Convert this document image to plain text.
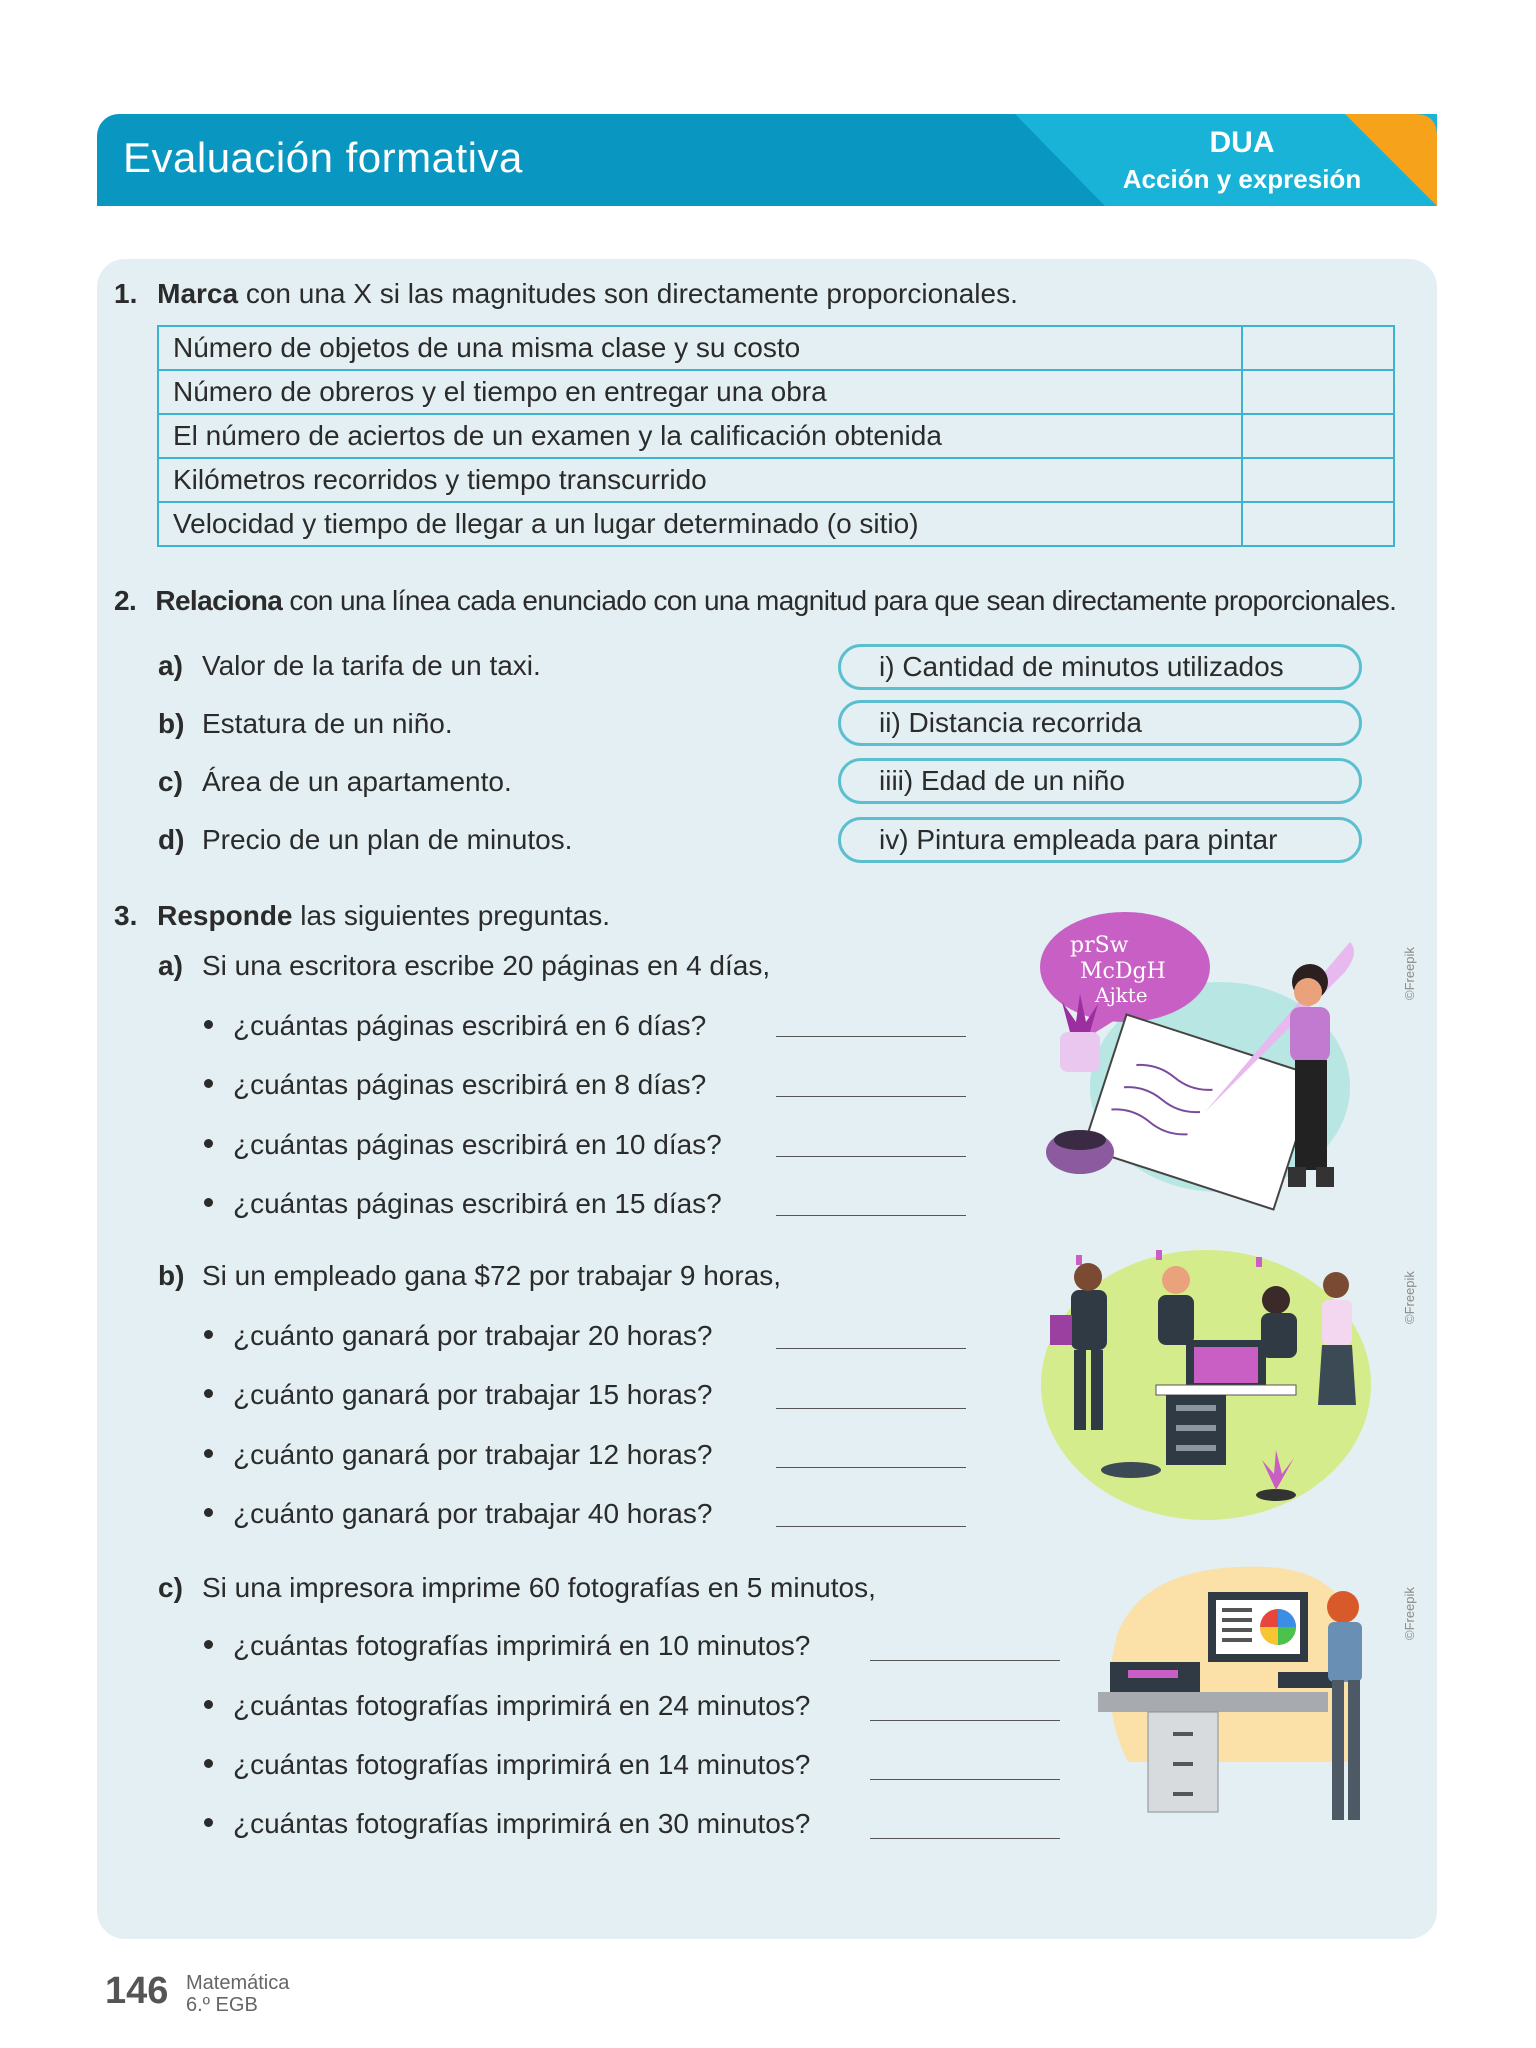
Evaluación formativa	DUA
Acción y expresión
1. Marca con una X si las magnitudes son directamente proporcionales.
Número de objetos de una misma clase y su costo	
Número de obreros y el tiempo en entregar una obra	
El número de aciertos de un examen y la calificación obtenida	
Kilómetros recorridos y tiempo transcurrido	
Velocidad y tiempo de llegar a un lugar determinado (o sitio)	
2. Relaciona con una línea cada enunciado con una magnitud para que sean directamente proporcionales.
a) Valor de la tarifa de un taxi.
b) Estatura de un niño.
c) Área de un apartamento.
d) Precio de un plan de minutos.
i) Cantidad de minutos utilizados
ii) Distancia recorrida
iiii) Edad de un niño
iv) Pintura empleada para pintar
3. Responde las siguientes preguntas.
a) Si una escritora escribe 20 páginas en 4 días,
¿cuántas páginas escribirá en 6 días?
¿cuántas páginas escribirá en 8 días?
¿cuántas páginas escribirá en 10 días?
¿cuántas páginas escribirá en 15 días?
prSw
McDgH
Ajkte	©Freepik
b) Si un empleado gana $72 por trabajar 9 horas,
¿cuánto ganará por trabajar 20 horas?
¿cuánto ganará por trabajar 15 horas?
¿cuánto ganará por trabajar 12 horas?
¿cuánto ganará por trabajar 40 horas?
©Freepik
c) Si una impresora imprime 60 fotografías en 5 minutos,
¿cuántas fotografías imprimirá en 10 minutos?
¿cuántas fotografías imprimirá en 24 minutos?
¿cuántas fotografías imprimirá en 14 minutos?
¿cuántas fotografías imprimirá en 30 minutos?
©Freepik
146 Matemática
6.º EGB
